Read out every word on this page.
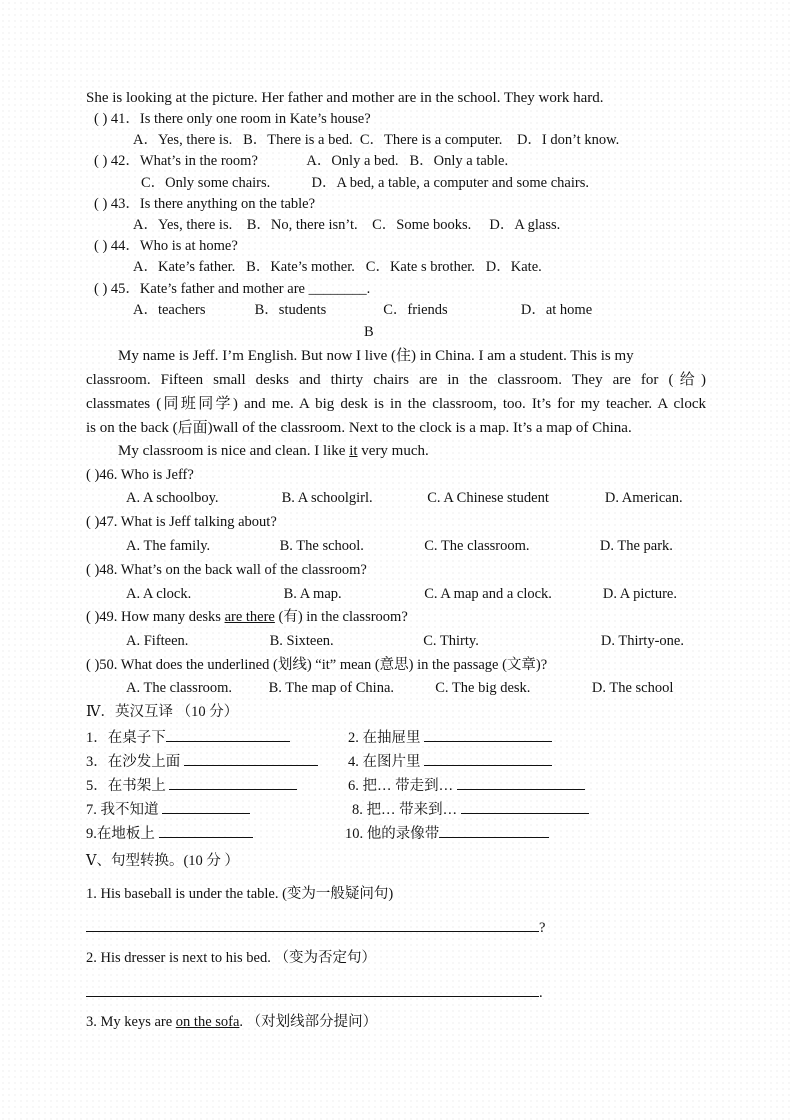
She is looking at the picture. Her father and mother are in the school. They work hard.
( ) 41．Is there only one room in Kate’s house?
A．Yes, there is. B．There is a bed. C．There is a computer. D．I don’t know.
( ) 42．What’s in the room?	A．Only a bed. B．Only a table.
C．Only some chairs.	D．A bed, a table, a computer and some chairs.
( ) 43．Is there anything on the table?
A．Yes, there is. B．No, there isn’t. C．Some books. D．A glass.
( ) 44．Who is at home?
A．Kate’s father. B．Kate’s mother. C．Kate s brother. D．Kate.
( ) 45．Kate’s father and mother are ________.
A．teachers	B．students	C．friends	D．at home
B
My name is Jeff. I’m English. But now I live (住) in China. I am a student. This is my
classroom. Fifteen small desks and thirty chairs are in the classroom. They are for (给)
classmates (同班同学) and me. A big desk is in the classroom, too. It’s for my teacher. A clock
is on the back (后面)wall of the classroom. Next to the clock is a map. It’s a map of China.
My classroom is nice and clean. I like it very much.
( )46. Who is Jeff?
A. A schoolboy.	B. A schoolgirl.	C. A Chinese student	D. American.
( )47. What is Jeff talking about?
A. The family.	B. The school.	C. The classroom.	D. The park.
( )48. What’s on the back wall of the classroom?
A. A clock.	B. A map.	C. A map and a clock.	D. A picture.
( )49. How many desks are there (有) in the classroom?
A. Fifteen.	B. Sixteen.	C. Thirty.	D. Thirty-one.
( )50. What does the underlined (划线) “it” mean (意思) in the passage (文章)?
A. The classroom.	B. The map of China.	C. The big desk.	D. The school
Ⅳ．英汉互译 （10 分）
1．在桌子下	2. 在抽屉里
3．在沙发上面	4. 在图片里
5．在书架上	6. 把… 带走到…
7. 我不知道	8. 把… 带来到…
9.在地板上	10. 他的录像带
Ⅴ、句型转换。(10 分 ）
1. His baseball is under the table. (变为一般疑问句)
?
2. His dresser is next to his bed. （变为否定句）
.
3. My keys are on the sofa. （对划线部分提问）
